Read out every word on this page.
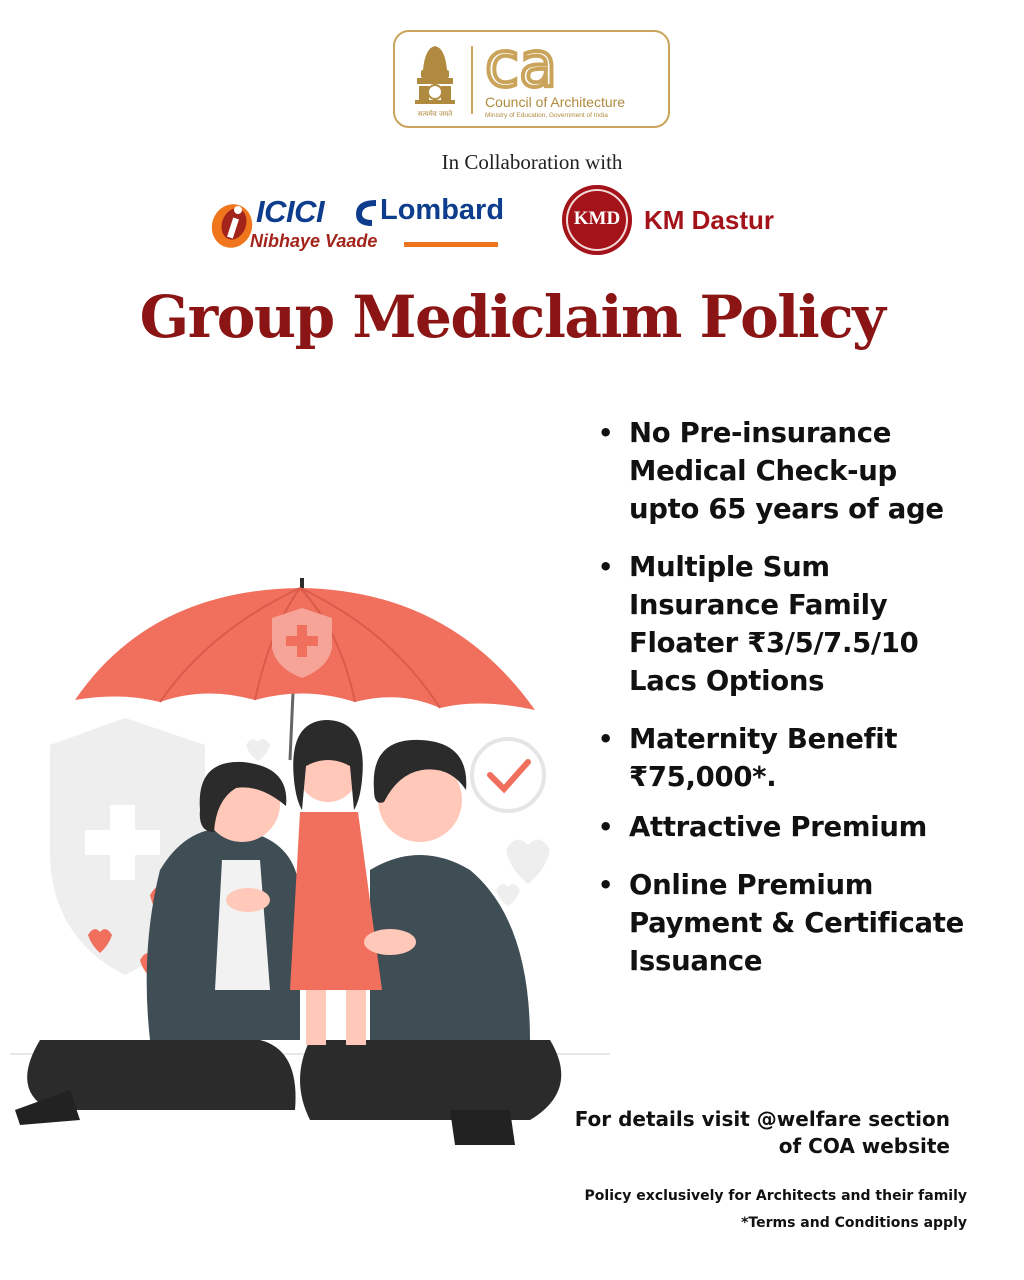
सत्यमेव जयते
ca
Council of Architecture
Ministry of Education, Government of India
In Collaboration with
ICICI Lombard
Nibhaye Vaade
KMD KM Dastur
Group Mediclaim Policy
• No Pre-insurance
Medical Check-up
upto 65 years of age
• Multiple Sum
Insurance Family
Floater ₹3/5/7.5/10
Lacs Options
• Maternity Benefit
₹75,000*.
• Attractive Premium
• Online Premium
Payment & Certificate
Issuance
For details visit @welfare section
of COA website
Policy exclusively for Architects and their family
*Terms and Conditions apply
